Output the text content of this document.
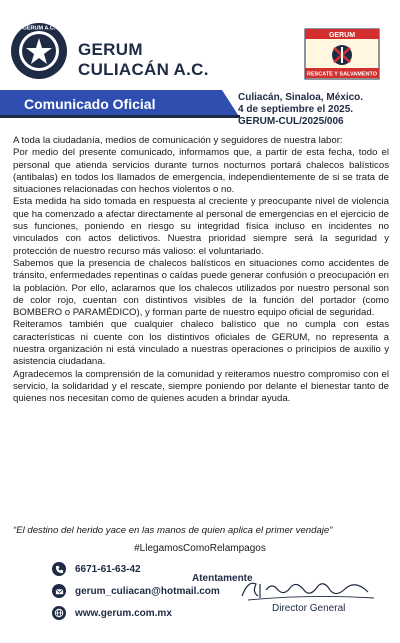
GERUM A.C.
GERUM
CULIACÁN A.C.
GERUM
RESCATE Y SALVAMENTO
Comunicado Oficial	Culiacán, Sinaloa, México.
4 de septiembre el 2025.
GERUM-CUL/2025/006

A toda la ciudadanía, medios de comunicación y seguidores de nuestra labor:

Por medio del presente comunicado, informamos que, a partir de esta fecha, todo el personal que atienda servicios durante turnos nocturnos portará chalecos balísticos (antibalas) en todos los llamados de emergencia, independientemente de si se trata de situaciones relacionadas con hechos violentos o no.

Esta medida ha sido tomada en respuesta al creciente y preocupante nivel de violencia que ha comenzado a afectar directamente al personal de emergencias en el ejercicio de sus funciones, poniendo en riesgo su integridad física incluso en incidentes no vinculados con actos delictivos. Nuestra prioridad siempre será la seguridad y protección de nuestro recurso más valioso: el voluntariado.

Sabemos que la presencia de chalecos balísticos en situaciones como accidentes de tránsito, enfermedades repentinas o caídas puede generar confusión o preocupación en la población. Por ello, aclaramos que los chalecos utilizados por nuestro personal son de color rojo, cuentan con distintivos visibles de la función del portador (como BOMBERO o PARAMÉDICO), y forman parte de nuestro equipo oficial de seguridad.

Reiteramos también que cualquier chaleco balístico que no cumpla con estas características ni cuente con los distintivos oficiales de GERUM, no representa a nuestra organización ni está vinculado a nuestras operaciones o principios de auxilio y asistencia ciudadana.

Agradecemos la comprensión de la comunidad y reiteramos nuestro compromiso con el servicio, la solidaridad y el rescate, siempre poniendo por delante el bienestar tanto de quienes nos necesitan como de quienes acuden a brindar ayuda.

“El destino del herido yace en las manos de quien aplica el primer vendaje”
#LlegamosComoRelampagos
6671-61-63-42
gerum_culiacan@hotmail.com
www.gerum.com.mx
Atentamente
Director General
